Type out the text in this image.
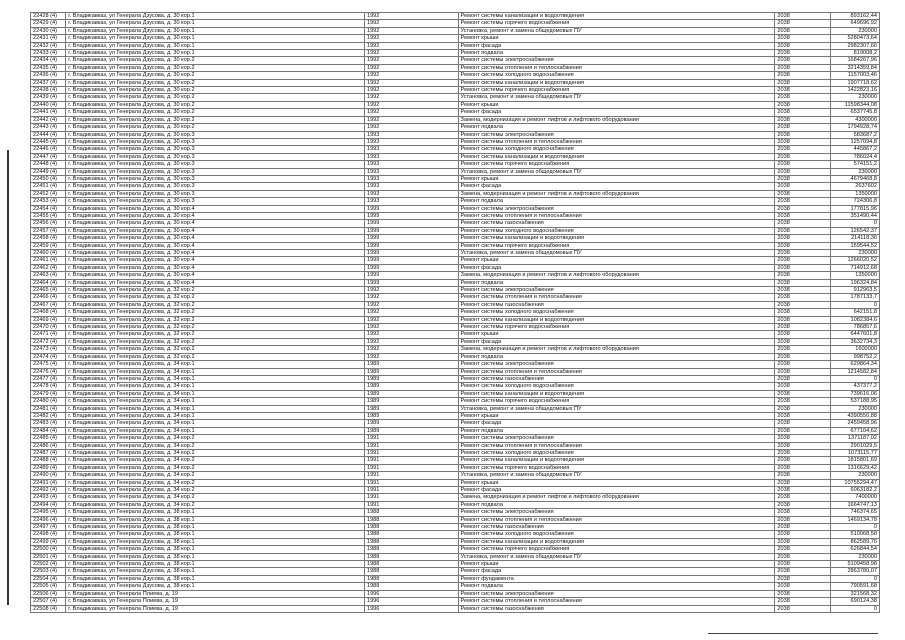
22428 (4)	г. Владикавказ, ул Генерала Дзусова, д. 30 кор.1	1992	Ремонт системы канализации и водоотведения	2038	893162,44
22429 (4)	г. Владикавказ, ул Генерала Дзусова, д. 30 кор.1	1992	Ремонт системы горячего водоснабжения	2038	649696,92
22430 (4)	г. Владикавказ, ул Генерала Дзусова, д. 30 кор.1	1992	Установка, ремонт и замена общедомовых ПУ	2038	230000
22431 (4)	г. Владикавказ, ул Генерала Дзусова, д. 30 кор.1	1992	Ремонт крыши	2038	5280473,64
22432 (4)	г. Владикавказ, ул Генерала Дзусова, д. 30 кор.1	1992	Ремонт фасада	2038	2982307,66
22433 (4)	г. Владикавказ, ул Генерала Дзусова, д. 30 кор.1	1992	Ремонт подвала	2038	819008,2
22434 (4)	г. Владикавказ, ул Генерала Дзусова, д. 30 кор.2	1992	Ремонт системы электроснабжения	2038	1684267,96
22435 (4)	г. Владикавказ, ул Генерала Дзусова, д. 30 кор.2	1992	Ремонт системы отопления и теплоснабжения	2038	3214359,84
22436 (4)	г. Владикавказ, ул Генерала Дзусова, д. 30 кор.2	1992	Ремонт системы холодного водоснабжения	2038	1157003,46
22437 (4)	г. Владикавказ, ул Генерала Дзусова, д. 30 кор.2	1992	Ремонт системы канализации и водоотведения	2038	1907718,62
22438 (4)	г. Владикавказ, ул Генерала Дзусова, д. 30 кор.2	1992	Ремонт системы горячего водоснабжения	2038	1422823,16
22439 (4)	г. Владикавказ, ул Генерала Дзусова, д. 30 кор.2	1992	Установка, ремонт и замена общедомовых ПУ	2038	230000
22440 (4)	г. Владикавказ, ул Генерала Дзусова, д. 30 кор.2	1992	Ремонт крыши	2038	11598344,08
22441 (4)	г. Владикавказ, ул Генерала Дзусова, д. 30 кор.2	1992	Ремонт фасада	2038	6537745,8
22442 (4)	г. Владикавказ, ул Генерала Дзусова, д. 30 кор.2	1992	Замена, модернизация и ремонт лифтов и лифтового оборудования	2038	4300000
22443 (4)	г. Владикавказ, ул Генерала Дзусова, д. 30 кор.2	1992	Ремонт подвала	2038	1794928,74
22444 (4)	г. Владикавказ, ул Генерала Дзусова, д. 30 кор.3	1993	Ремонт системы электроснабжения	2038	583687,2
22445 (4)	г. Владикавказ, ул Генерала Дзусова, д. 30 кор.3	1993	Ремонт системы отопления и теплоснабжения	2038	1257094,8
22446 (4)	г. Владикавказ, ул Генерала Дзусова, д. 30 кор.3	1993	Ремонт системы холодного водоснабжения	2038	445867,2
22447 (4)	г. Владикавказ, ул Генерала Дзусова, д. 30 кор.3	1993	Ремонт системы канализации и водоотведения	2038	786024,4
22448 (4)	г. Владикавказ, ул Генерала Дзусова, д. 30 кор.3	1993	Ремонт системы горячего водоснабжения	2038	574151,2
22449 (4)	г. Владикавказ, ул Генерала Дзусова, д. 30 кор.3	1993	Установка, ремонт и замена общедомовых ПУ	2038	230000
22450 (4)	г. Владикавказ, ул Генерала Дзусова, д. 30 кор.3	1993	Ремонт крыши	2038	4679468,8
22451 (4)	г. Владикавказ, ул Генерала Дзусова, д. 30 кор.3	1993	Ремонт фасада	2038	2637602
22452 (4)	г. Владикавказ, ул Генерала Дзусова, д. 30 кор.3	1993	Замена, модернизация и ремонт лифтов и лифтового оборудования	2038	1350000
22453 (4)	г. Владикавказ, ул Генерала Дзусова, д. 30 кор.3	1993	Ремонт подвала	2038	724306,8
22454 (4)	г. Владикавказ, ул Генерала Дзусова, д. 30 кор.4	1999	Ремонт системы электроснабжения	2038	177815,96
22455 (4)	г. Владикавказ, ул Генерала Дзусова, д. 30 кор.4	1999	Ремонт системы отопления и теплоснабжения	2038	351490,44
22456 (4)	г. Владикавказ, ул Генерала Дзусова, д. 30 кор.4	1999	Ремонт системы газоснабжения	2038	0
22457 (4)	г. Владикавказ, ул Генерала Дзусова, д. 30 кор.4	1999	Ремонт системы холодного водоснабжения	2038	126542,37
22458 (4)	г. Владикавказ, ул Генерала Дзусова, д. 30 кор.4	1999	Ремонт системы канализации и водоотведения	2038	214118,36
22459 (4)	г. Владикавказ, ул Генерала Дзусова, д. 30 кор.4	1999	Ремонт системы горячего водоснабжения	2038	159544,52
22460 (4)	г. Владикавказ, ул Генерала Дзусова, д. 30 кор.4	1999	Установка, ремонт и замена общедомовых ПУ	2038	230000
22461 (4)	г. Владикавказ, ул Генерала Дзусова, д. 30 кор.4	1999	Ремонт крыши	2038	1266020,52
22462 (4)	г. Владикавказ, ул Генерала Дзусова, д. 30 кор.4	1999	Ремонт фасада	2038	714912,68
22463 (4)	г. Владикавказ, ул Генерала Дзусова, д. 30 кор.4	1999	Замена, модернизация и ремонт лифтов и лифтового оборудования	2038	1350000
22464 (4)	г. Владикавказ, ул Генерала Дзусова, д. 30 кор.4	1999	Ремонт подвала	2038	196324,84
22465 (4)	г. Владикавказ, ул Генерала Дзусова, д. 32 кор.2	1992	Ремонт системы электроснабжения	2038	912963,5
22466 (4)	г. Владикавказ, ул Генерала Дзусова, д. 32 кор.2	1992	Ремонт системы отопления и теплоснабжения	2038	1787133,7
22467 (4)	г. Владикавказ, ул Генерала Дзусова, д. 32 кор.2	1992	Ремонт системы газоснабжения	2038	0
22468 (4)	г. Владикавказ, ул Генерала Дзусова, д. 32 кор.2	1992	Ремонт системы холодного водоснабжения	2038	642151,8
22469 (4)	г. Владикавказ, ул Генерала Дзусова, д. 32 кор.2	1992	Ремонт системы канализации и водоотведения	2038	1082384,6
22470 (4)	г. Владикавказ, ул Генерала Дзусова, д. 32 кор.2	1992	Ремонт системы горячего водоснабжения	2038	786857,6
22471 (4)	г. Владикавказ, ул Генерала Дзусова, д. 32 кор.2	1992	Ремонт крыши	2038	6447601,8
22472 (4)	г. Владикавказ, ул Генерала Дзусова, д. 32 кор.2	1992	Ремонт фасада	2038	3632734,3
22473 (4)	г. Владикавказ, ул Генерала Дзусова, д. 32 кор.2	1992	Замена, модернизация и ремонт лифтов и лифтового оборудования	2038	1600000
22474 (4)	г. Владикавказ, ул Генерала Дзусова, д. 32 кор.2	1992	Ремонт подвала	2038	998752,2
22475 (4)	г. Владикавказ, ул Генерала Дзусова, д. 34 кор.1	1989	Ремонт системы электроснабжения	2038	629864,34
22476 (4)	г. Владикавказ, ул Генерала Дзусова, д. 34 кор.1	1989	Ремонт системы отопления и теплоснабжения	2038	1214582,84
22477 (4)	г. Владикавказ, ул Генерала Дзусова, д. 34 кор.1	1989	Ремонт системы газоснабжения	2038	0
22478 (4)	г. Владикавказ, ул Генерала Дзусова, д. 34 кор.1	1989	Ремонт системы холодного водоснабжения	2038	437377,2
22479 (4)	г. Владикавказ, ул Генерала Дзусова, д. 34 кор.1	1989	Ремонт системы канализации и водоотведения	2038	739616,06
22480 (4)	г. Владикавказ, ул Генерала Дзусова, д. 34 кор.1	1989	Ремонт системы горячего водоснабжения	2038	537188,95
22481 (4)	г. Владикавказ, ул Генерала Дзусова, д. 34 кор.1	1989	Установка, ремонт и замена общедомовых ПУ	2038	230000
22482 (4)	г. Владикавказ, ул Генерала Дзусова, д. 34 кор.1	1989	Ремонт крыши	2038	4390550,88
22483 (4)	г. Владикавказ, ул Генерала Дзусова, д. 34 кор.1	1989	Ремонт фасада	2038	2459458,96
22484 (4)	г. Владикавказ, ул Генерала Дзусова, д. 34 кор.1	1989	Ремонт подвала	2038	677104,62
22485 (4)	г. Владикавказ, ул Генерала Дзусова, д. 34 кор.2	1991	Ремонт системы электроснабжения	2038	1371187,02
22486 (4)	г. Владикавказ, ул Генерала Дзусова, д. 34 кор.2	1991	Ремонт системы отопления и теплоснабжения	2038	2901029,5
22487 (4)	г. Владикавказ, ул Генерала Дзусова, д. 34 кор.2	1991	Ремонт системы холодного водоснабжения	2038	1073115,77
22488 (4)	г. Владикавказ, ул Генерала Дзусова, д. 34 кор.2	1991	Ремонт системы канализации и водоотведения	2038	1815801,69
22489 (4)	г. Владикавказ, ул Генерала Дзусова, д. 34 кор.2	1991	Ремонт системы горячего водоснабжения	2038	1316629,42
22490 (4)	г. Владикавказ, ул Генерала Дзусова, д. 34 кор.2	1991	Установка, ремонт и замена общедомовых ПУ	2038	230000
22491 (4)	г. Владикавказ, ул Генерала Дзусова, д. 34 кор.2	1991	Ремонт крыши	2038	10755294,47
22492 (4)	г. Владикавказ, ул Генерала Дзусова, д. 34 кор.2	1991	Ремонт фасада	2038	6063182,2
22493 (4)	г. Владикавказ, ул Генерала Дзусова, д. 34 кор.2	1991	Замена, модернизация и ремонт лифтов и лифтового оборудования	2038	7400000
22494 (4)	г. Владикавказ, ул Генерала Дзусова, д. 34 кор.2	1991	Ремонт подвала	2038	1664747,13
22495 (4)	г. Владикавказ, ул Генерала Дзусова, д. 38 кор.1	1988	Ремонт системы электроснабжения	2038	746374,65
22496 (4)	г. Владикавказ, ул Генерала Дзусова, д. 38 кор.1	1988	Ремонт системы отопления и теплоснабжения	2038	1469134,78
22497 (4)	г. Владикавказ, ул Генерала Дзусова, д. 38 кор.1	1988	Ремонт системы газоснабжения	2038	0
22498 (4)	г. Владикавказ, ул Генерала Дзусова, д. 38 кор.1	1988	Ремонт системы холодного водоснабжения	2038	510068,58
22499 (4)	г. Владикавказ, ул Генерала Дзусова, д. 38 кор.1	1988	Ремонт системы канализации и водоотведения	2038	862589,76
22500 (4)	г. Владикавказ, ул Генерала Дзусова, д. 38 кор.1	1988	Ремонт системы горячего водоснабжения	2038	626844,54
22501 (4)	г. Владикавказ, ул Генерала Дзусова, д. 38 кор.1	1988	Установка, ремонт и замена общедомовых ПУ	2038	230000
22502 (4)	г. Владикавказ, ул Генерала Дзусова, д. 38 кор.1	1988	Ремонт крыши	2038	5109458,98
22503 (4)	г. Владикавказ, ул Генерала Дзусова, д. 38 кор.1	1988	Ремонт фасада	2038	2863780,07
22504 (4)	г. Владикавказ, ул Генерала Дзусова, д. 38 кор.1	1988	Ремонт фундамента	2038	0
22505 (4)	г. Владикавказ, ул Генерала Дзусова, д. 38 кор.1	1988	Ремонт подвала	2038	790591,68
22506 (4)	г. Владикавказ, ул Генерала Плиева, д. 19	1996	Ремонт системы электроснабжения	2038	321568,32
22507 (4)	г. Владикавказ, ул Генерала Плиева, д. 19	1996	Ремонт системы отопления и теплоснабжения	2038	690124,38
22508 (4)	г. Владикавказ, ул Генерала Плиева, д. 19	1996	Ремонт системы газоснабжения	2038	0
